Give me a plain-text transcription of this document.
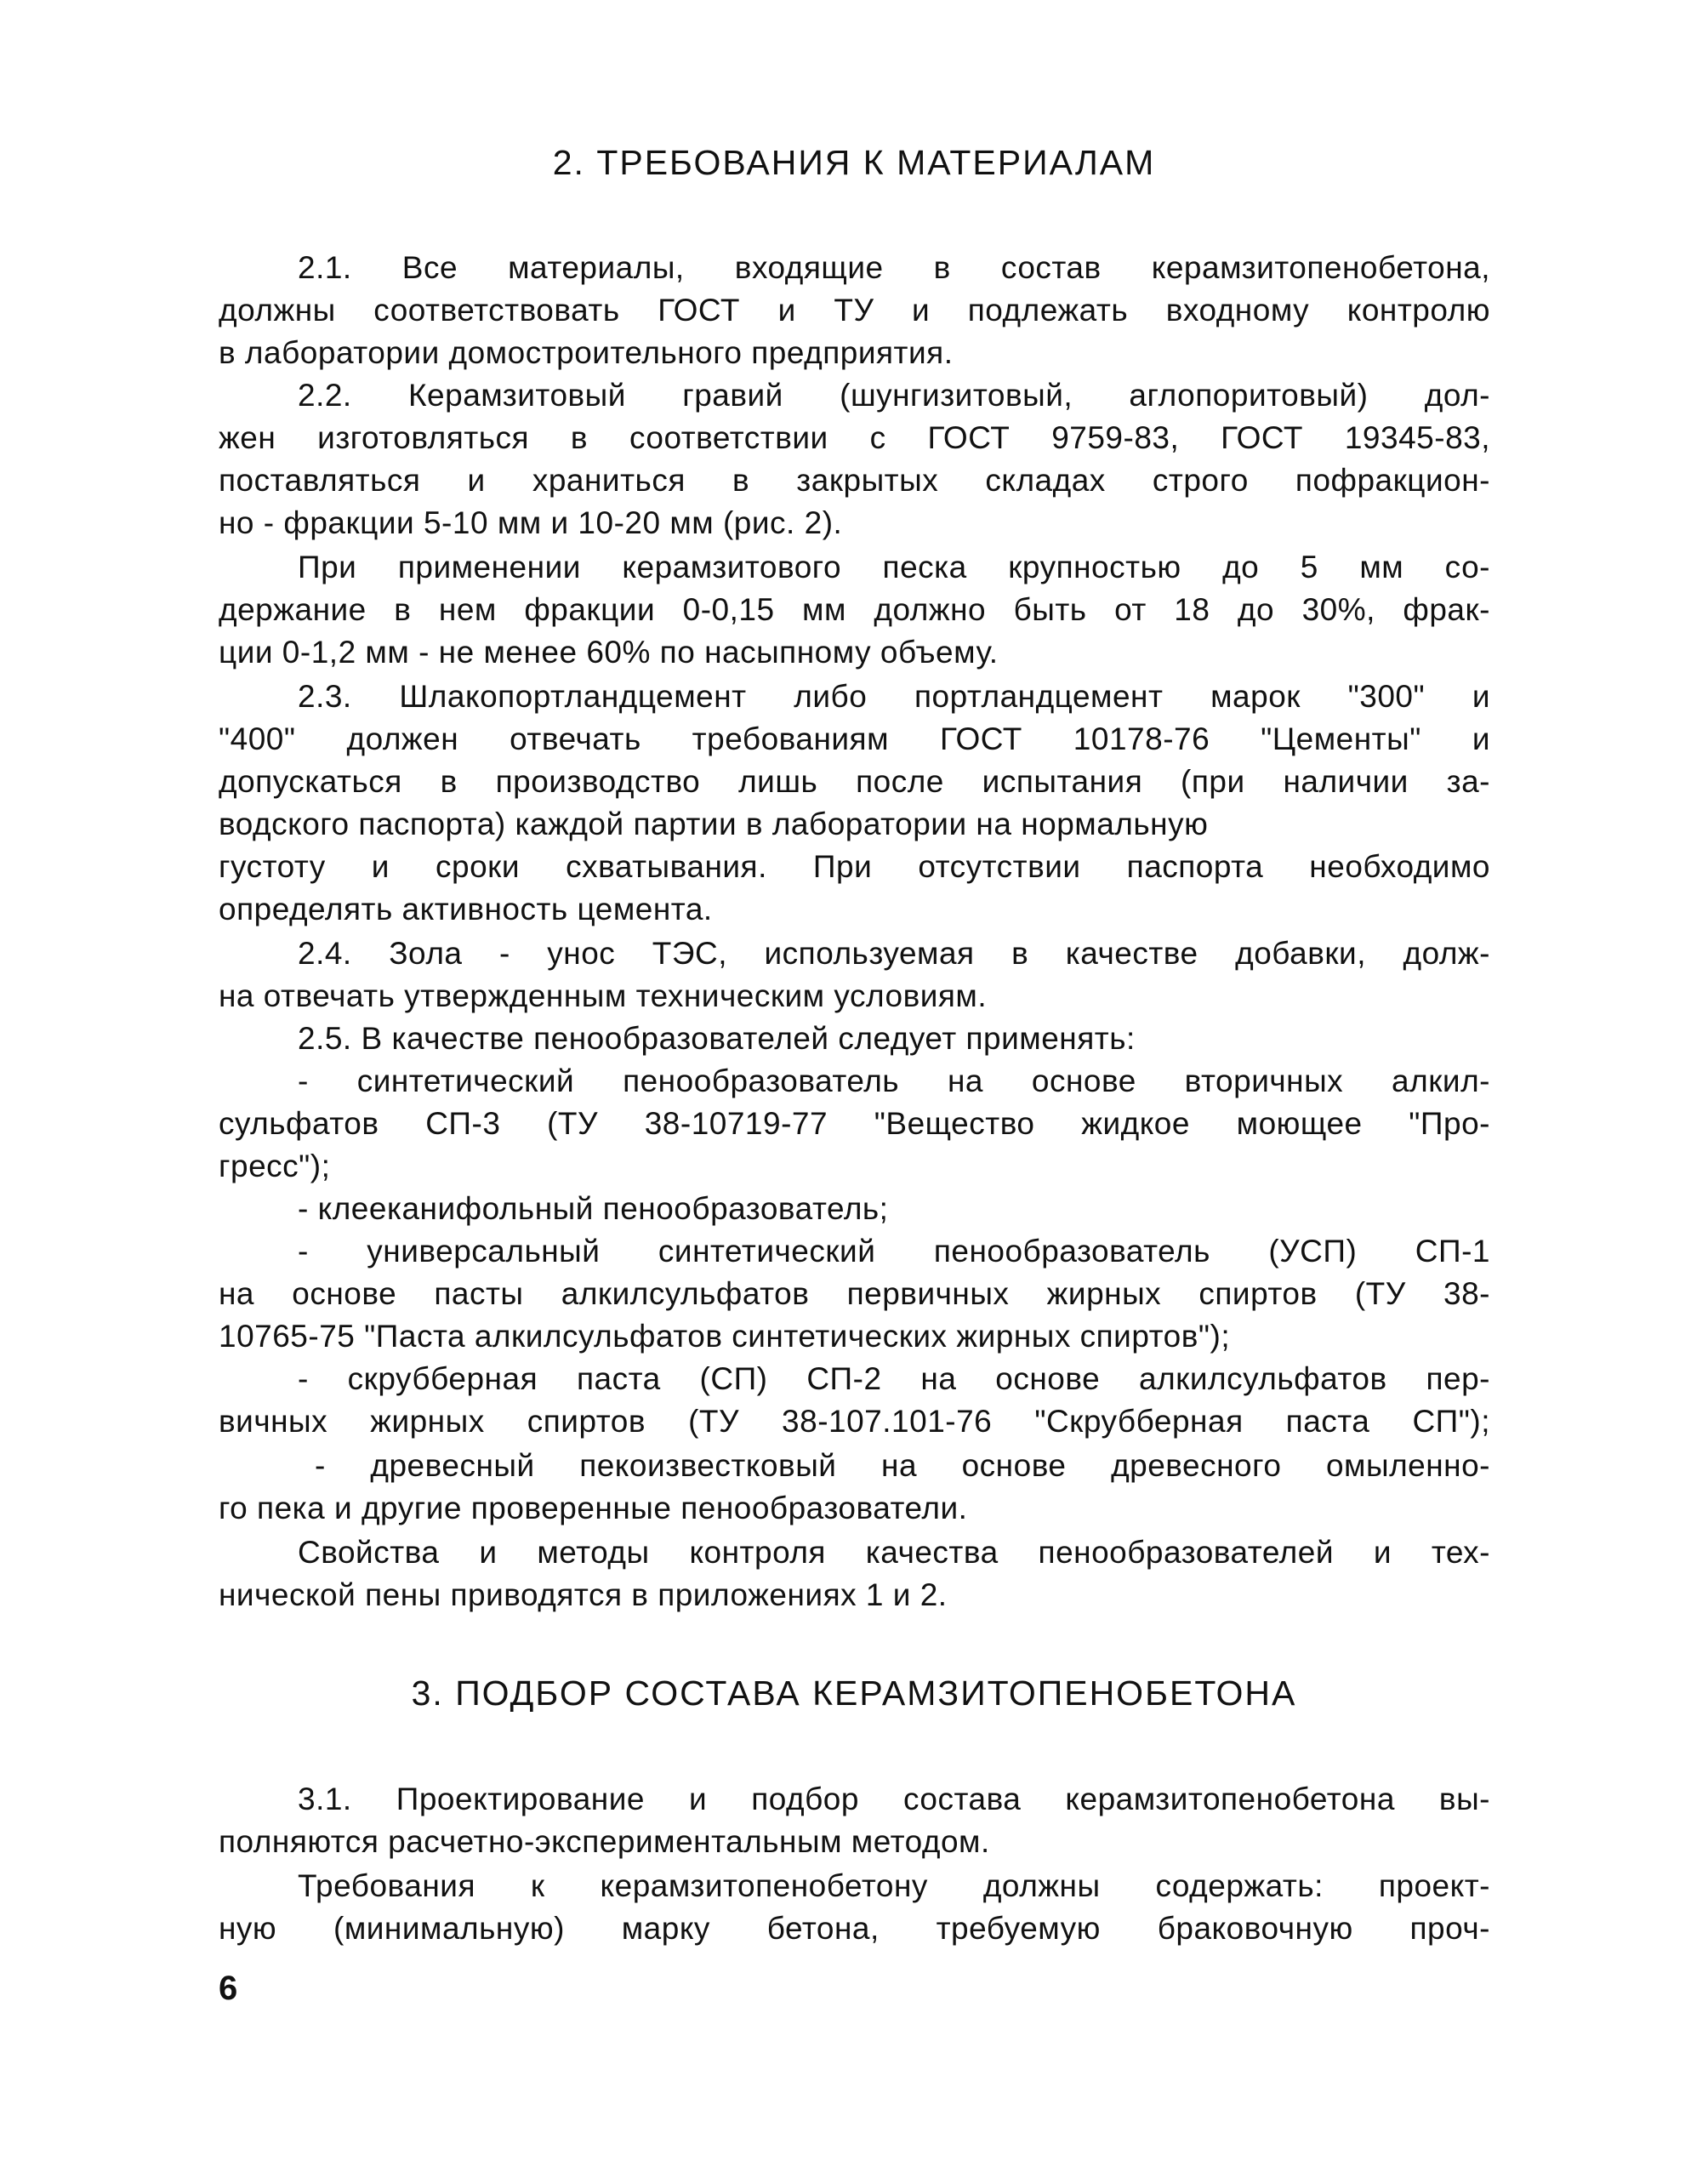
2. ТРЕБОВАНИЯ К МАТЕРИАЛАМ
2.1. Все материалы, входящие в состав керамзитопенобетона,
должны соответствовать ГОСТ и ТУ и подлежать входному контролю
в лаборатории домостроительного предприятия.
2.2. Керамзитовый гравий (шунгизитовый, аглопоритовый) дол-
жен изготовляться в соответствии с ГОСТ 9759-83, ГОСТ 19345-83,
поставляться и храниться в закрытых складах строго пофракцион-
но - фракции 5-10 мм и 10-20 мм (рис. 2).
При применении керамзитового песка крупностью до 5 мм со-
держание в нем фракции 0-0,15 мм должно быть от 18 до 30%, фрак-
ции 0-1,2 мм - не менее 60% по насыпному объему.
2.3. Шлакопортландцемент либо портландцемент марок "300" и
"400" должен отвечать требованиям ГОСТ 10178-76 "Цементы" и
допускаться в производство лишь после испытания (при наличии за-
водского паспорта) каждой партии в лаборатории на нормальную
густоту и сроки схватывания. При отсутствии паспорта необходимо
определять активность цемента.
2.4. Зола - унос ТЭС, используемая в качестве добавки, долж-
на отвечать утвержденным техническим условиям.
2.5. В качестве пенообразователей следует применять:
- синтетический пенообразователь на основе вторичных алкил-
сульфатов СП-3 (ТУ 38-10719-77 "Вещество жидкое моющее "Про-
гресс");
- клееканифольный пенообразователь;
- универсальный синтетический пенообразователь (УСП) СП-1
на основе пасты алкилсульфатов первичных жирных спиртов (ТУ 38-
10765-75 "Паста алкилсульфатов синтетических жирных спиртов");
- скрубберная паста (СП) СП-2 на основе алкилсульфатов пер-
вичных жирных спиртов (ТУ 38-107.101-76 "Скрубберная паста СП");
- древесный пекоизвестковый на основе древесного омыленно-
го пека и другие проверенные пенообразователи.
Свойства и методы контроля качества пенообразователей и тех-
нической пены приводятся в приложениях 1 и 2.
3. ПОДБОР СОСТАВА КЕРАМЗИТОПЕНОБЕТОНА
3.1. Проектирование и подбор состава керамзитопенобетона вы-
полняются расчетно-экспериментальным методом.
Требования к керамзитопенобетону должны содержать: проект-
ную (минимальную) марку бетона, требуемую браковочную проч-
6
